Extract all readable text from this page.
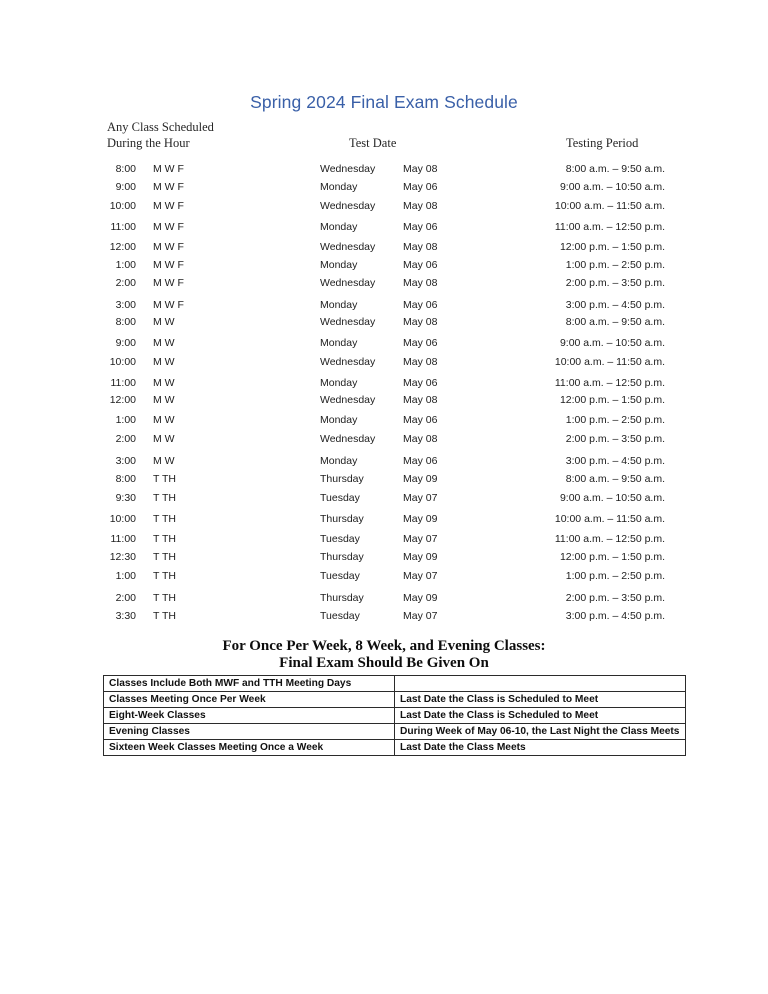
Spring 2024 Final Exam Schedule
Any Class Scheduled
During the Hour	Test Date	Testing Period
8:00 M W F	Wednesday	May 08	8:00 a.m. – 9:50 a.m.
9:00 M W F	Monday	May 06	9:00 a.m. – 10:50 a.m.
10:00 M W F	Wednesday	May 08	10:00 a.m. – 11:50 a.m.
11:00 M W F	Monday	May 06	11:00 a.m. – 12:50 p.m.
12:00 M W F	Wednesday	May 08	12:00 p.m. – 1:50 p.m.
1:00 M W F	Monday	May 06	1:00 p.m. – 2:50 p.m.
2:00 M W F	Wednesday	May 08	2:00 p.m. – 3:50 p.m.
3:00 M W F	Monday	May 06	3:00 p.m. – 4:50 p.m.
8:00 M W	Wednesday	May 08	8:00 a.m. – 9:50 a.m.
9:00 M W	Monday	May 06	9:00 a.m. – 10:50 a.m.
10:00 M W	Wednesday	May 08	10:00 a.m. – 11:50 a.m.
11:00 M W	Monday	May 06	11:00 a.m. – 12:50 p.m.
12:00 M W	Wednesday	May 08	12:00 p.m. – 1:50 p.m.
1:00 M W	Monday	May 06	1:00 p.m. – 2:50 p.m.
2:00 M W	Wednesday	May 08	2:00 p.m. – 3:50 p.m.
3:00 M W	Monday	May 06	3:00 p.m. – 4:50 p.m.
8:00 T TH	Thursday	May 09	8:00 a.m. – 9:50 a.m.
9:30 T TH	Tuesday	May 07	9:00 a.m. – 10:50 a.m.
10:00 T TH	Thursday	May 09	10:00 a.m. – 11:50 a.m.
11:00 T TH	Tuesday	May 07	11:00 a.m. – 12:50 p.m.
12:30 T TH	Thursday	May 09	12:00 p.m. – 1:50 p.m.
1:00 T TH	Tuesday	May 07	1:00 p.m. – 2:50 p.m.
2:00 T TH	Thursday	May 09	2:00 p.m. – 3:50 p.m.
3:30 T TH	Tuesday	May 07	3:00 p.m. – 4:50 p.m.
For Once Per Week, 8 Week, and Evening Classes:
Final Exam Should Be Given On
Classes Include Both MWF and TTH Meeting Days	
Classes Meeting Once Per Week	Last Date the Class is Scheduled to Meet
Eight-Week Classes	Last Date the Class is Scheduled to Meet
Evening Classes	During Week of May 06-10, the Last Night the Class Meets
Sixteen Week Classes Meeting Once a Week	Last Date the Class Meets
